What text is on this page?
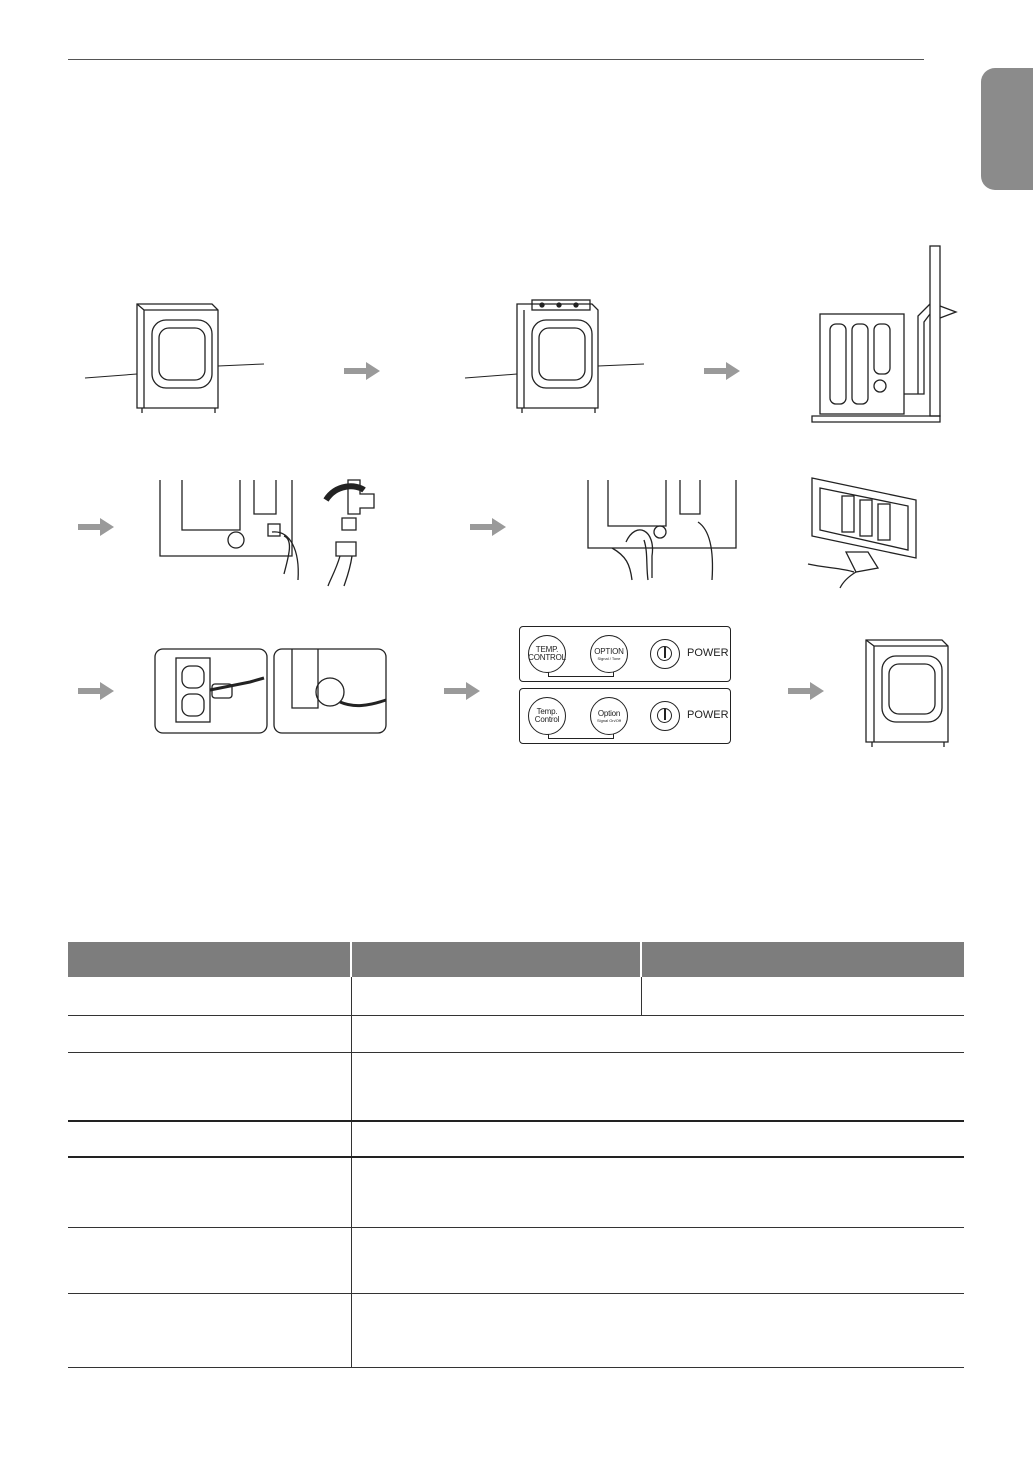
TEMP. CONTROL
OPTION
Signal / Tone	POWER
Temp. Control
Option
Signal On/Off	POWER
